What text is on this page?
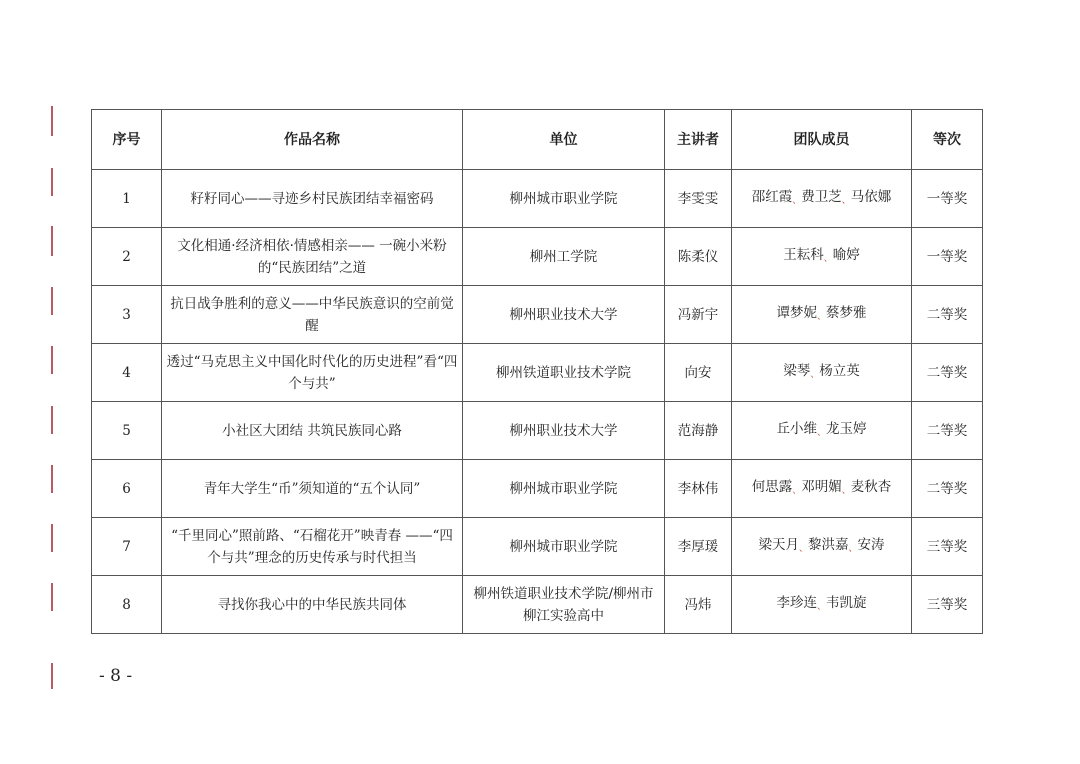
序号	作品名称	单位	主讲者	团队成员	等次
1	籽籽同心——寻迹乡村民族团结幸福密码	柳州城市职业学院	李雯雯	邵红霞、费卫芝、马依娜	一等奖
2	文化相通·经济相依·情感相亲—— 一碗小米粉的“民族团结”之道	柳州工学院	陈柔仪	王耘科、喻婷	一等奖
3	抗日战争胜利的意义——中华民族意识的空前觉醒	柳州职业技术大学	冯新宇	谭梦妮、蔡梦雅	二等奖
4	透过“马克思主义中国化时代化的历史进程”看“四个与共”	柳州铁道职业技术学院	向安	梁琴、杨立英	二等奖
5	小社区大团结 共筑民族同心路	柳州职业技术大学	范海静	丘小维、龙玉婷	二等奖
6	青年大学生“币”须知道的“五个认同”	柳州城市职业学院	李林伟	何思露、邓明媚、麦秋杏	二等奖
7	“千里同心”照前路、“石榴花开”映青春 ——“四个与共”理念的历史传承与时代担当	柳州城市职业学院	李厚瑗	梁天月、黎洪嘉、安涛	三等奖
8	寻找你我心中的中华民族共同体	柳州铁道职业技术学院/柳州市柳江实验高中	冯炜	李珍连、韦凯旋	三等奖
- 8 -
